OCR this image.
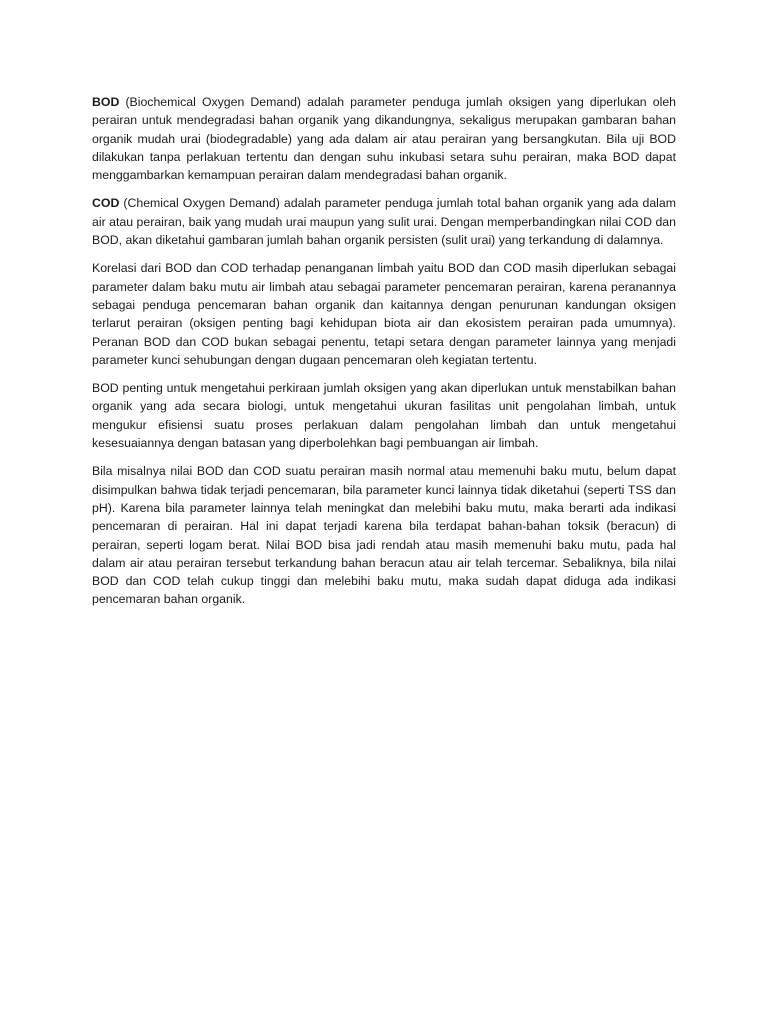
BOD (Biochemical Oxygen Demand) adalah parameter penduga jumlah oksigen yang diperlukan oleh perairan untuk mendegradasi bahan organik yang dikandungnya, sekaligus merupakan gambaran bahan organik mudah urai (biodegradable) yang ada dalam air atau perairan yang bersangkutan. Bila uji BOD dilakukan tanpa perlakuan tertentu dan dengan suhu inkubasi setara suhu perairan, maka BOD dapat menggambarkan kemampuan perairan dalam mendegradasi bahan organik.

COD (Chemical Oxygen Demand) adalah parameter penduga jumlah total bahan organik yang ada dalam air atau perairan, baik yang mudah urai maupun yang sulit urai. Dengan memperbandingkan nilai COD dan BOD, akan diketahui gambaran jumlah bahan organik persisten (sulit urai) yang terkandung di dalamnya.

Korelasi dari BOD dan COD terhadap penanganan limbah yaitu BOD dan COD masih diperlukan sebagai parameter dalam baku mutu air limbah atau sebagai parameter pencemaran perairan, karena peranannya sebagai penduga pencemaran bahan organik dan kaitannya dengan penurunan kandungan oksigen terlarut perairan (oksigen penting bagi kehidupan biota air dan ekosistem perairan pada umumnya). Peranan BOD dan COD bukan sebagai penentu, tetapi setara dengan parameter lainnya yang menjadi parameter kunci sehubungan dengan dugaan pencemaran oleh kegiatan tertentu.

BOD penting untuk mengetahui perkiraan jumlah oksigen yang akan diperlukan untuk menstabilkan bahan organik yang ada secara biologi, untuk mengetahui ukuran fasilitas unit pengolahan limbah, untuk mengukur efisiensi suatu proses perlakuan dalam pengolahan limbah dan untuk mengetahui kesesuaiannya dengan batasan yang diperbolehkan bagi pembuangan air limbah.

Bila misalnya nilai BOD dan COD suatu perairan masih normal atau memenuhi baku mutu, belum dapat disimpulkan bahwa tidak terjadi pencemaran, bila parameter kunci lainnya tidak diketahui (seperti TSS dan pH). Karena bila parameter lainnya telah meningkat dan melebihi baku mutu, maka berarti ada indikasi pencemaran di perairan. Hal ini dapat terjadi karena bila terdapat bahan-bahan toksik (beracun) di perairan, seperti logam berat. Nilai BOD bisa jadi rendah atau masih memenuhi baku mutu, pada hal dalam air atau perairan tersebut terkandung bahan beracun atau air telah tercemar. Sebaliknya, bila nilai BOD dan COD telah cukup tinggi dan melebihi baku mutu, maka sudah dapat diduga ada indikasi pencemaran bahan organik.
